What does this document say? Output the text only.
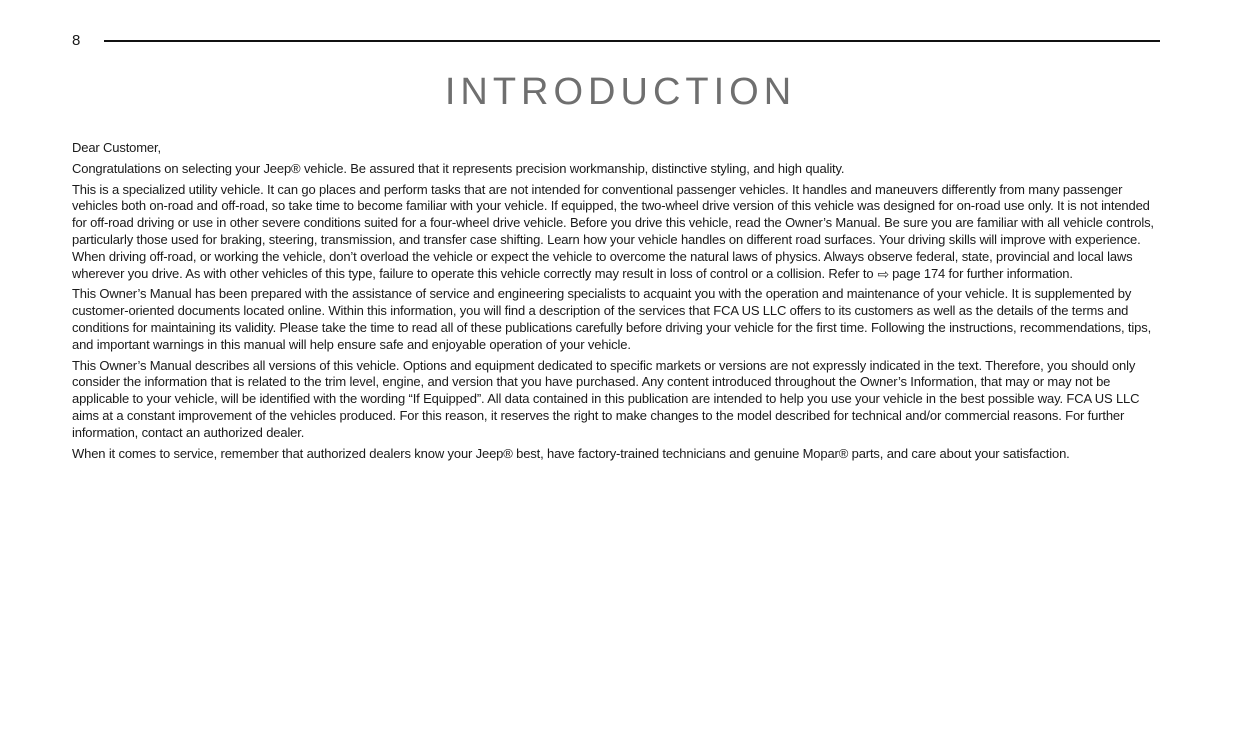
8
INTRODUCTION

Dear Customer,

Congratulations on selecting your Jeep® vehicle. Be assured that it represents precision workmanship, distinctive styling, and high quality.

This is a specialized utility vehicle. It can go places and perform tasks that are not intended for conventional passenger vehicles. It handles and maneuvers differently from many passenger vehicles both on-road and off-road, so take time to become familiar with your vehicle. If equipped, the two-wheel drive version of this vehicle was designed for on-road use only. It is not intended for off-road driving or use in other severe conditions suited for a four-wheel drive vehicle. Before you drive this vehicle, read the Owner’s Manual. Be sure you are familiar with all vehicle controls, particularly those used for braking, steering, transmission, and transfer case shifting. Learn how your vehicle handles on different road surfaces. Your driving skills will improve with experience. When driving off-road, or working the vehicle, don’t overload the vehicle or expect the vehicle to overcome the natural laws of physics. Always observe federal, state, provincial and local laws wherever you drive. As with other vehicles of this type, failure to operate this vehicle correctly may result in loss of control or a collision. Refer to ⇨ page 174 for further information.

This Owner’s Manual has been prepared with the assistance of service and engineering specialists to acquaint you with the operation and maintenance of your vehicle. It is supplemented by customer-oriented documents located online. Within this information, you will find a description of the services that FCA US LLC offers to its customers as well as the details of the terms and conditions for maintaining its validity. Please take the time to read all of these publications carefully before driving your vehicle for the first time. Following the instructions, recommendations, tips, and important warnings in this manual will help ensure safe and enjoyable operation of your vehicle.

This Owner’s Manual describes all versions of this vehicle. Options and equipment dedicated to specific markets or versions are not expressly indicated in the text. Therefore, you should only consider the information that is related to the trim level, engine, and version that you have purchased. Any content introduced throughout the Owner’s Information, that may or may not be applicable to your vehicle, will be identified with the wording “If Equipped”. All data contained in this publication are intended to help you use your vehicle in the best possible way. FCA US LLC aims at a constant improvement of the vehicles produced. For this reason, it reserves the right to make changes to the model described for technical and/or commercial reasons. For further information, contact an authorized dealer.

When it comes to service, remember that authorized dealers know your Jeep® best, have factory-trained technicians and genuine Mopar® parts, and care about your satisfaction.
